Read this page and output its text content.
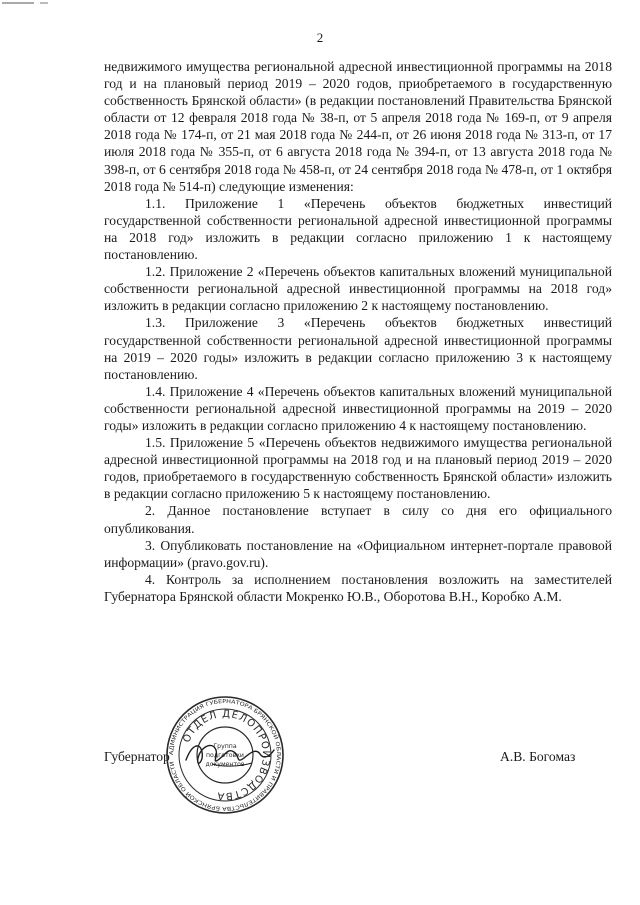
2

недвижимого имущества региональной адресной инвестиционной программы на 2018 год и на плановый период 2019 – 2020 годов, приобретаемого в государственную собственность Брянской области» (в редакции постановлений Правительства Брянской области от 12 февраля 2018 года № 38-п, от 5 апреля 2018 года № 169-п, от 9 апреля 2018 года № 174-п, от 21 мая 2018 года № 244-п, от 26 июня 2018 года № 313-п, от 17 июля 2018 года № 355-п, от 6 августа 2018 года № 394-п, от 13 августа 2018 года № 398-п, от 6 сентября 2018 года № 458-п, от 24 сентября 2018 года № 478-п, от 1 октября 2018 года № 514-п) следующие изменения:

1.1. Приложение 1 «Перечень объектов бюджетных инвестиций государственной собственности региональной адресной инвестиционной программы на 2018 год» изложить в редакции согласно приложению 1 к настоящему постановлению.

1.2. Приложение 2 «Перечень объектов капитальных вложений муниципальной собственности региональной адресной инвестиционной программы на 2018 год» изложить в редакции согласно приложению 2 к настоящему постановлению.

1.3. Приложение 3 «Перечень объектов бюджетных инвестиций государственной собственности региональной адресной инвестиционной программы на 2019 – 2020 годы» изложить в редакции согласно приложению 3 к настоящему постановлению.

1.4. Приложение 4 «Перечень объектов капитальных вложений муниципальной собственности региональной адресной инвестиционной программы на 2019 – 2020 годы» изложить в редакции согласно приложению 4 к настоящему постановлению.

1.5. Приложение 5 «Перечень объектов недвижимого имущества региональной адресной инвестиционной программы на 2018 год и на плановый период 2019 – 2020 годов, приобретаемого в государственную собственность Брянской области» изложить в редакции согласно приложению 5 к настоящему постановлению.

2. Данное постановление вступает в силу со дня его официального опубликования.

3. Опубликовать постановление на «Официальном интернет-портале правовой информации» (pravo.gov.ru).

4. Контроль за исполнением постановления возложить на заместителей Губернатора Брянской области Мокренко Ю.В., Оборотова В.Н., Коробко А.М.

Губернатор	А.В. Богомаз
АДМИНИСТРАЦИЯ ГУБЕРНАТОРА БРЯНСКОЙ ОБЛАСТИ И ПРАВИТЕЛЬСТВА БРЯНСКОЙ ОБЛАСТИ
ОТДЕЛ ДЕЛОПРОИЗВОДСТВА
Группа
подготовки
документов
